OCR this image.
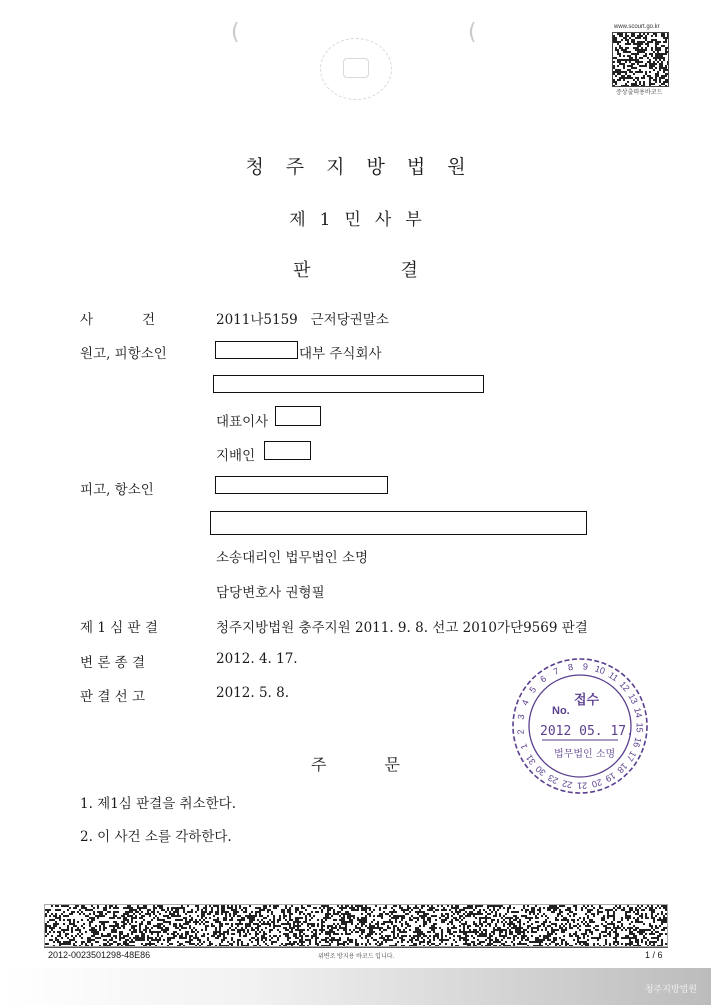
www.scourt.go.kr
증상출력용바코드
(	(
청주지방법원
제1민사부
판	결
사	건	2011나5159   근저당권말소
원고, 피항소인	대부 주식회사
대표이사
지배인
피고, 항소인
소송대리인 법무법인 소명
담당변호사 권형필
제 1 심 판 결	청주지방법원 충주지원 2011. 9. 8. 선고 2010가단9569 판결
변 론 종 결	2012. 4. 17.
판 결 선 고	2012. 5. 8.
주	문
1. 제1심 판결을 취소한다.
2. 이 사건 소를 각하한다.
1
2
3
4
5
6
7 8 9 10
11
12
13
14
15
16
17
18
19
20
21
22
23
30
31
No.
접수
2012 05. 17.
법무법인 소명
2012-0023501298-48E86	위변조 방지용 바코드 입니다.	1 / 6
청주지방법원
